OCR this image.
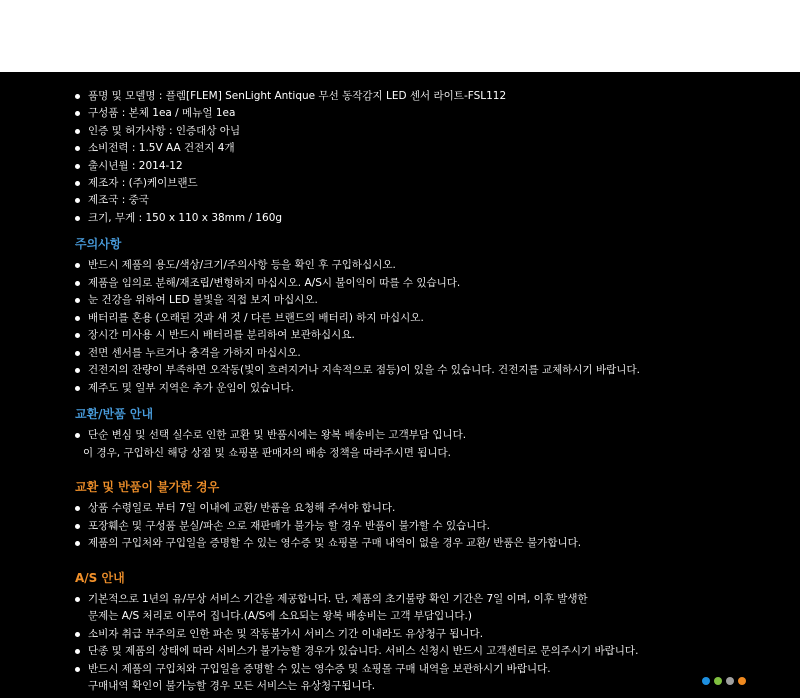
품명 및 모델명 : 플렘[FLEM] SenLight Antique 무선 동작감지 LED 센서 라이트-FSL112
구성품 : 본체 1ea / 메뉴얼 1ea
인증 및 허가사항 : 인증대상 아님
소비전력 : 1.5V AA 건전지 4개
출시년월 : 2014-12
제조자 : (주)케이브랜드
제조국 : 중국
크기, 무게 : 150 x 110 x 38mm / 160g
주의사항
반드시 제품의 용도/색상/크기/주의사항 등을 확인 후 구입하십시오.
제품을 임의로 분해/재조립/변형하지 마십시오. A/S시 불이익이 따를 수 있습니다.
눈 건강을 위하여 LED 불빛을 직접 보지 마십시오.
배터리를 혼용 (오래된 것과 새 것 / 다른 브랜드의 배터리) 하지 마십시오.
장시간 미사용 시 반드시 배터리를 분리하여 보관하십시요.
전면 센서를 누르거나 충격을 가하지 마십시오.
건전지의 잔량이 부족하면 오작동(빛이 흐려지거나 지속적으로 점등)이 있을 수 있습니다. 건전지를 교체하시기 바랍니다.
제주도 및 일부 지역은 추가 운임이 있습니다.
교환/반품 안내
단순 변심 및 선택 실수로 인한 교환 및 반품시에는 왕복 배송비는 고객부담 입니다.
이 경우, 구입하신 해당 상점 및 쇼핑몰 판매자의 배송 정책을 따라주시면 됩니다.
교환 및 반품이 불가한 경우
상품 수령일로 부터 7일 이내에 교환/ 반품을 요청해 주셔야 합니다.
포장훼손 및 구성품 분실/파손 으로 재판매가 불가능 할 경우 반품이 불가할 수 있습니다.
제품의 구입처와 구입일을 증명할 수 있는 영수증 및 쇼핑몰 구매 내역이 없을 경우 교환/ 반품은 불가합니다.
A/S 안내
기본적으로 1년의 유/무상 서비스 기간을 제공합니다. 단, 제품의 초기불량 확인 기간은 7일 이며, 이후 발생한
문제는 A/S 처리로 이루어 집니다.(A/S에 소요되는 왕복 배송비는 고객 부담입니다.)
소비자 취급 부주의로 인한 파손 및 작동불가시 서비스 기간 이내라도 유상청구 됩니다.
단종 및 제품의 상태에 따라 서비스가 불가능할 경우가 있습니다. 서비스 신청시 반드시 고객센터로 문의주시기 바랍니다.
반드시 제품의 구입처와 구입일을 증명할 수 있는 영수증 및 쇼핑몰 구매 내역을 보관하시기 바랍니다.
구매내역 확인이 불가능할 경우 모든 서비스는 유상청구됩니다.
